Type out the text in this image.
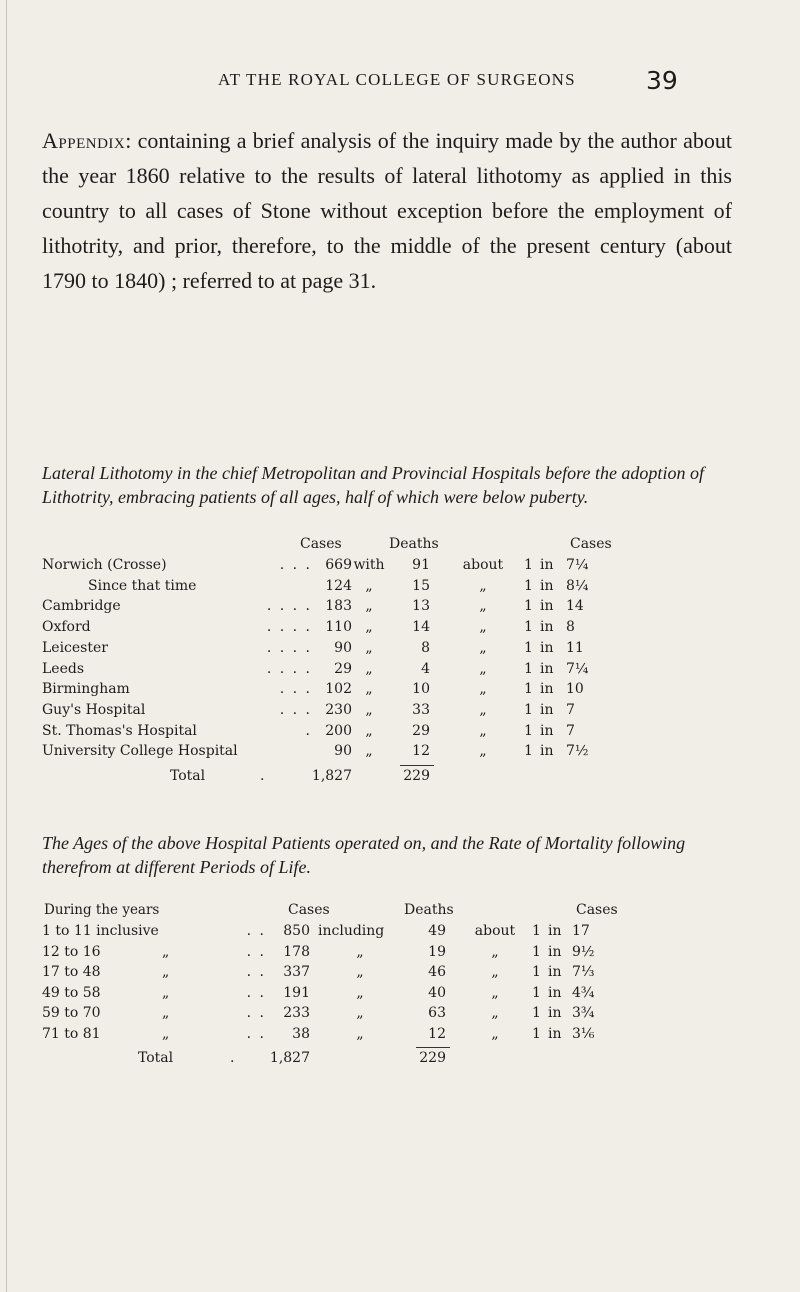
AT THE ROYAL COLLEGE OF SURGEONS	39
Appendix: containing a brief analysis of the inquiry made by the author about the year 1860 relative to the results of lateral lithotomy as applied in this country to all cases of Stone without exception before the employment of lithotrity, and prior, therefore, to the middle of the present century (about 1790 to 1840) ; referred to at page 31.
Lateral Lithotomy in the chief Metropolitan and Provincial Hospitals before the adoption of Lithotrity, embracing patients of all ages, half of which were below puberty.
Cases	Deaths	Cases
Norwich (Crosse)	. . . 669 with	91	about	1 in 7¼
Since that time	124 „	15	„	1 in 8¼
Cambridge	. . . . 183 „	13	„	1 in 14
Oxford	. . . . 110 „	14	„	1 in 8
Leicester	. . . .	90 „	8	„	1 in 11
Leeds	. . . .	29 „	4	„	1 in 7¼
Birmingham	. . . 102 „	10	„	1 in 10
Guy's Hospital	. . . 230 „	33	„	1 in 7
St. Thomas's Hospital	. 200 „	29	„	1 in 7
University College Hospital	90 „	12	„	1 in 7½
Total	.	1,827	229
The Ages of the above Hospital Patients operated on, and the Rate of Mortality following therefrom at different Periods of Life.
During the years	Cases	Deaths	Cases
1 to 11 inclusive	. .	850 including	49	about	1 in 17
12 to 16	„	. .	178	„	19	„	1 in 9½
17 to 48	„	. .	337	„	46	„	1 in 7⅓
49 to 58	„	. .	191	„	40	„	1 in 4¾
59 to 70	„	. .	233	„	63	„	1 in 3¾
71 to 81	„	. .	38	„	12	„	1 in 3⅙
Total	.	1,827	229
